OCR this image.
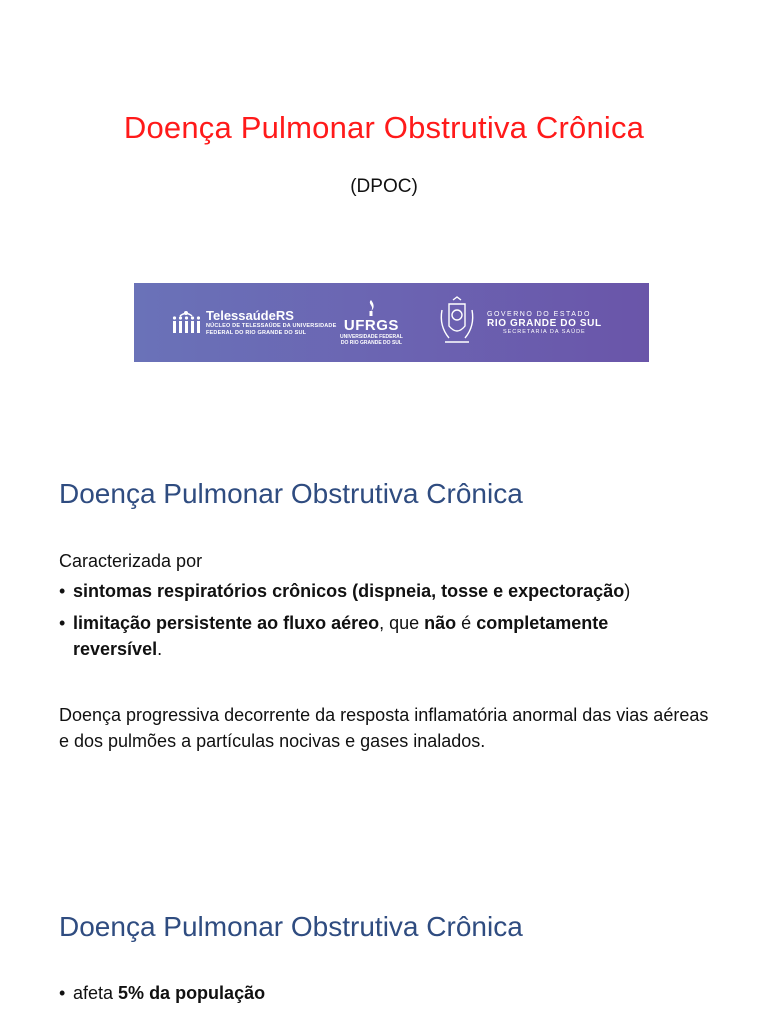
Doença Pulmonar Obstrutiva Crônica
(DPOC)
TelessaúdeRS
NÚCLEO DE TELESSAÚDE DA UNIVERSIDADE
FEDERAL DO RIO GRANDE DO SUL	UFRGS
UNIVERSIDADE FEDERAL
DO RIO GRANDE DO SUL
GOVERNO DO ESTADO
RIO GRANDE DO SUL
SECRETARIA DA SAÚDE
Doença Pulmonar Obstrutiva Crônica
Caracterizada por
• sintomas respiratórios crônicos (dispneia, tosse e expectoração)
• limitação persistente ao fluxo aéreo, que não é completamente reversível.
Doença progressiva decorrente da resposta inflamatória anormal das vias aéreas e dos pulmões a partículas nocivas e gases inalados.
Doença Pulmonar Obstrutiva Crônica
• afeta 5% da população
